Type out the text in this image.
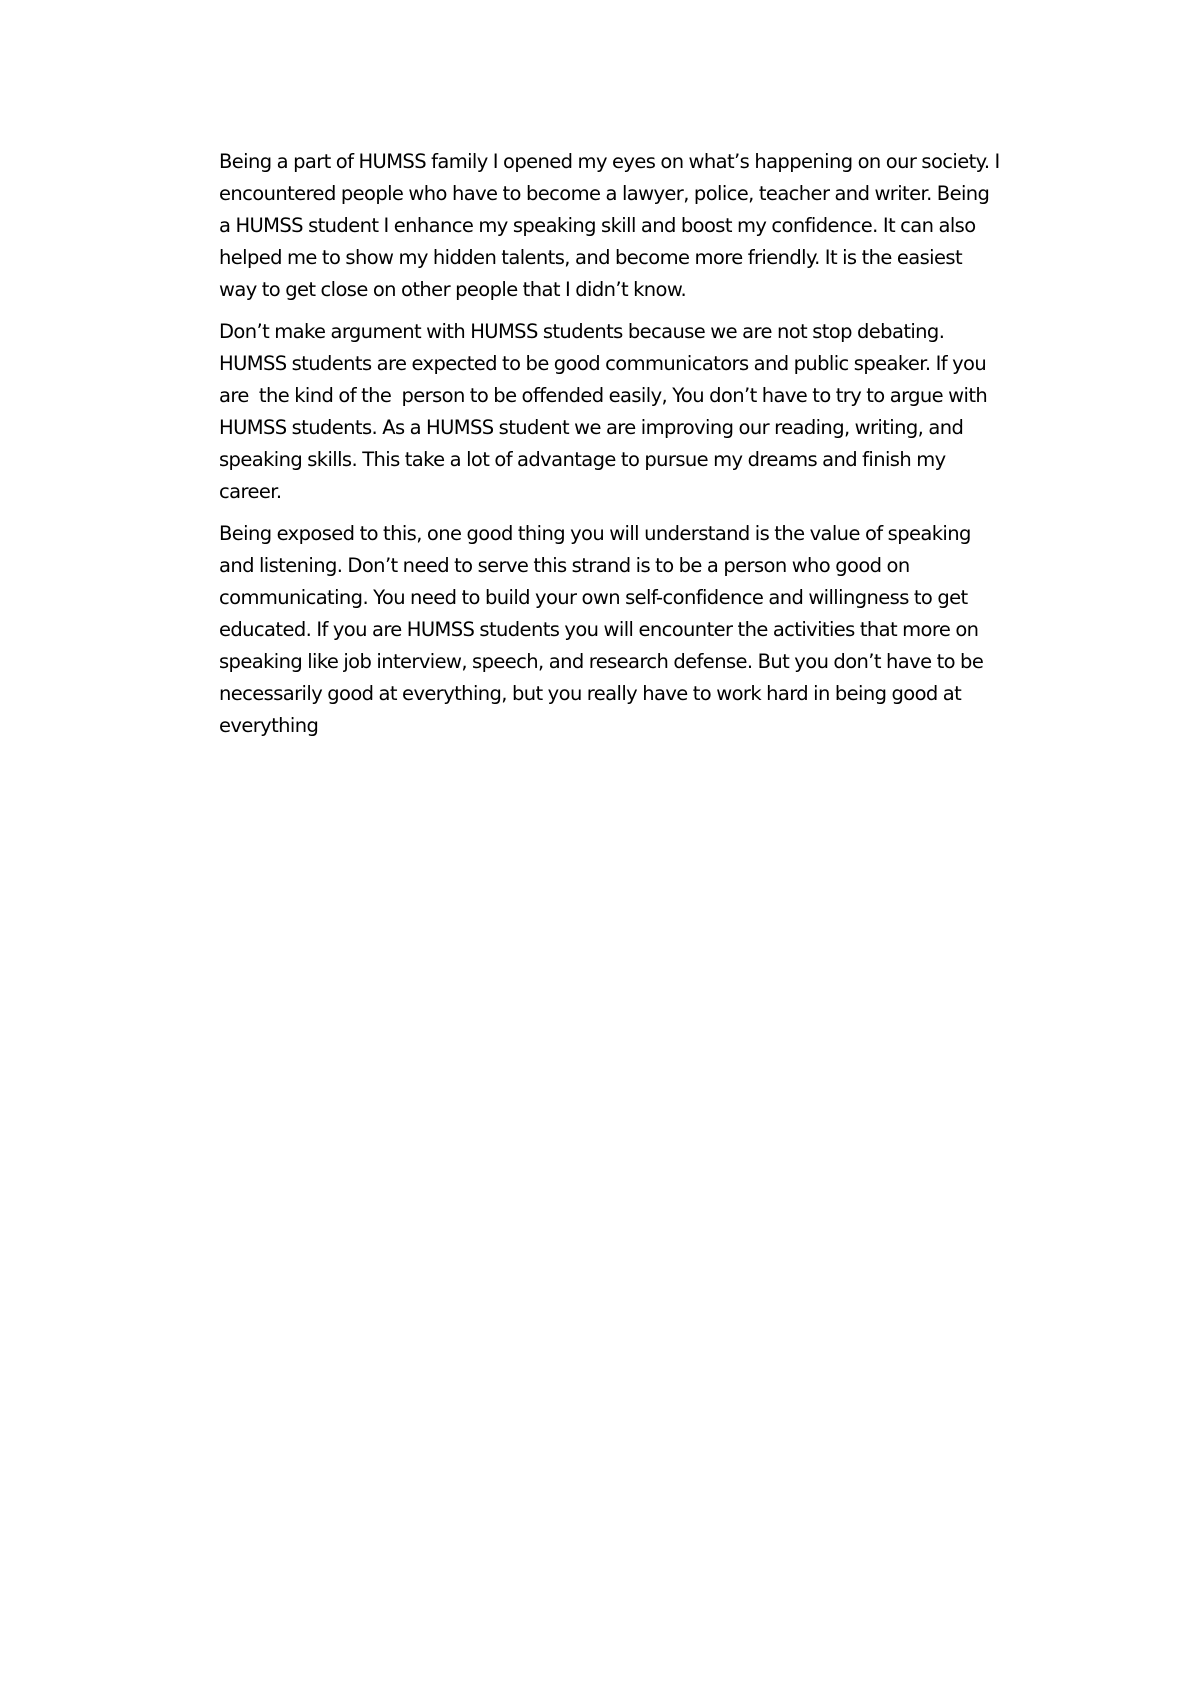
Being a part of HUMSS family I opened my eyes on what’s happening on our society. I
encountered people who have to become a lawyer, police, teacher and writer. Being
a HUMSS student I enhance my speaking skill and boost my confidence. It can also
helped me to show my hidden talents, and become more friendly. It is the easiest
way to get close on other people that I didn’t know.
Don’t make argument with HUMSS students because we are not stop debating.
HUMSS students are expected to be good communicators and public speaker. If you
are  the kind of the  person to be offended easily, You don’t have to try to argue with
HUMSS students. As a HUMSS student we are improving our reading, writing, and
speaking skills. This take a lot of advantage to pursue my dreams and finish my
career.
Being exposed to this, one good thing you will understand is the value of speaking
and listening. Don’t need to serve this strand is to be a person who good on
communicating. You need to build your own self-confidence and willingness to get
educated. If you are HUMSS students you will encounter the activities that more on
speaking like job interview, speech, and research defense. But you don’t have to be
necessarily good at everything, but you really have to work hard in being good at
everything
